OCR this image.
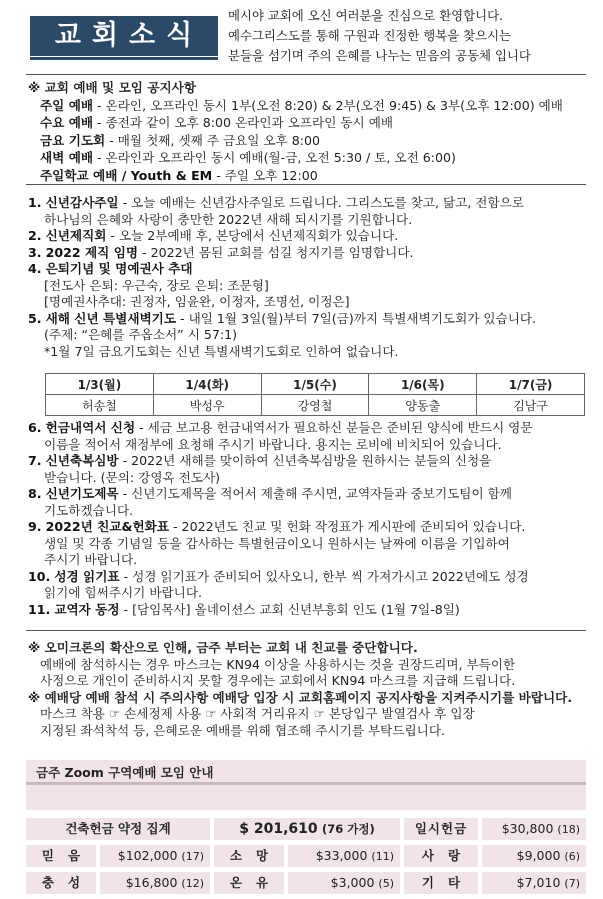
교회소식
메시야 교회에 오신 여러분을 진심으로 환영합니다.
예수그리스도를 통해 구원과 진정한 행복을 찾으시는
분들을 섬기며 주의 은혜를 나누는 믿음의 공동체 입니다
※ 교회 예배 및 모임 공지사항
주일 예배 - 온라인, 오프라인 동시 1부(오전 8:20) & 2부(오전 9:45) & 3부(오후 12:00) 예배
수요 예배 - 종전과 같이 오후 8:00 온라인과 오프라인 동시 예배
금요 기도회 - 매월 첫째, 셋째 주 금요일 오후 8:00
새벽 예배 - 온라인과 오프라인 동시 예배(월-금, 오전 5:30 / 토, 오전 6:00)
주일학교 예배 / Youth & EM - 주일 오후 12:00
1. 신년감사주일 - 오늘 예배는 신년감사주일로 드립니다. 그리스도를 찾고, 닮고, 전함으로
하나님의 은혜와 사랑이 충만한 2022년 새해 되시기를 기원합니다.
2. 신년제직회 - 오늘 2부예배 후, 본당에서 신년제직회가 있습니다.
3. 2022 제직 임명 - 2022년 몸된 교회를 섬길 청지기를 임명합니다.
4. 은퇴기념 및 명예권사 추대
[전도사 은퇴: 우근숙, 장로 은퇴: 조문형]
[명예권사추대: 권정자, 임윤완, 이정자, 조명선, 이정은]
5. 새해 신년 특별새벽기도 - 내일 1월 3일(월)부터 7일(금)까지 특별새벽기도회가 있습니다.
(주제: “은혜를 주옵소서” 시 57:1)
*1월 7일 금요기도회는 신년 특별새벽기도회로 인하여 없습니다.
1/3(월)	1/4(화)	1/5(수)	1/6(목)	1/7(금)
허송철	박성우	강영철	양동출	김남구
6. 헌금내역서 신청 - 세금 보고용 헌금내역서가 필요하신 분들은 준비된 양식에 반드시 영문
이름을 적어서 재정부에 요청해 주시기 바랍니다. 용지는 로비에 비치되어 있습니다.
7. 신년축복심방 - 2022년 새해를 맞이하여 신년축복심방을 원하시는 분들의 신청을
받습니다. (문의: 강영옥 전도사)
8. 신년기도제목 - 신년기도제목을 적어서 제출해 주시면, 교역자들과 중보기도팀이 함께
기도하겠습니다.
9. 2022년 친교&헌화표 - 2022년도 친교 및 헌화 작정표가 게시판에 준비되어 있습니다.
생일 및 각종 기념일 등을 감사하는 특별헌금이오니 원하시는 날짜에 이름을 기입하여
주시기 바랍니다.
10. 성경 읽기표 - 성경 읽기표가 준비되어 있사오니, 한부 씩 가져가시고 2022년에도 성경
읽기에 힘써주시기 바랍니다.
11. 교역자 동정 - [담임목사] 올네이션스 교회 신년부흥회 인도 (1월 7일-8일)
※ 오미크론의 확산으로 인해, 금주 부터는 교회 내 친교를 중단합니다.
예배에 참석하시는 경우 마스크는 KN94 이상을 사용하시는 것을 권장드리며, 부득이한
사정으로 개인이 준비하시지 못할 경우에는 교회에서 KN94 마스크를 지급해 드립니다.
※ 예배당 예배 참석 시 주의사항 예배당 입장 시 교회홈페이지 공지사항을 지켜주시기를 바랍니다.
마스크 착용 ☞ 손세정제 사용 ☞ 사회적 거리유지 ☞ 본당입구 발열검사 후 입장
지정된 좌석착석 등, 은혜로운 예배를 위해 협조해 주시기를 부탁드립니다.
금주 Zoom 구역예배 모임 안내
건축헌금 약정 집계	$ 201,610 (76 가정)	일시헌금	$30,800 (18)
믿음	$102,000 (17)	소망	$33,000 (11)	사랑	$9,000 (6)
충성	$16,800 (12)	온유	$3,000 (5)	기타	$7,010 (7)
